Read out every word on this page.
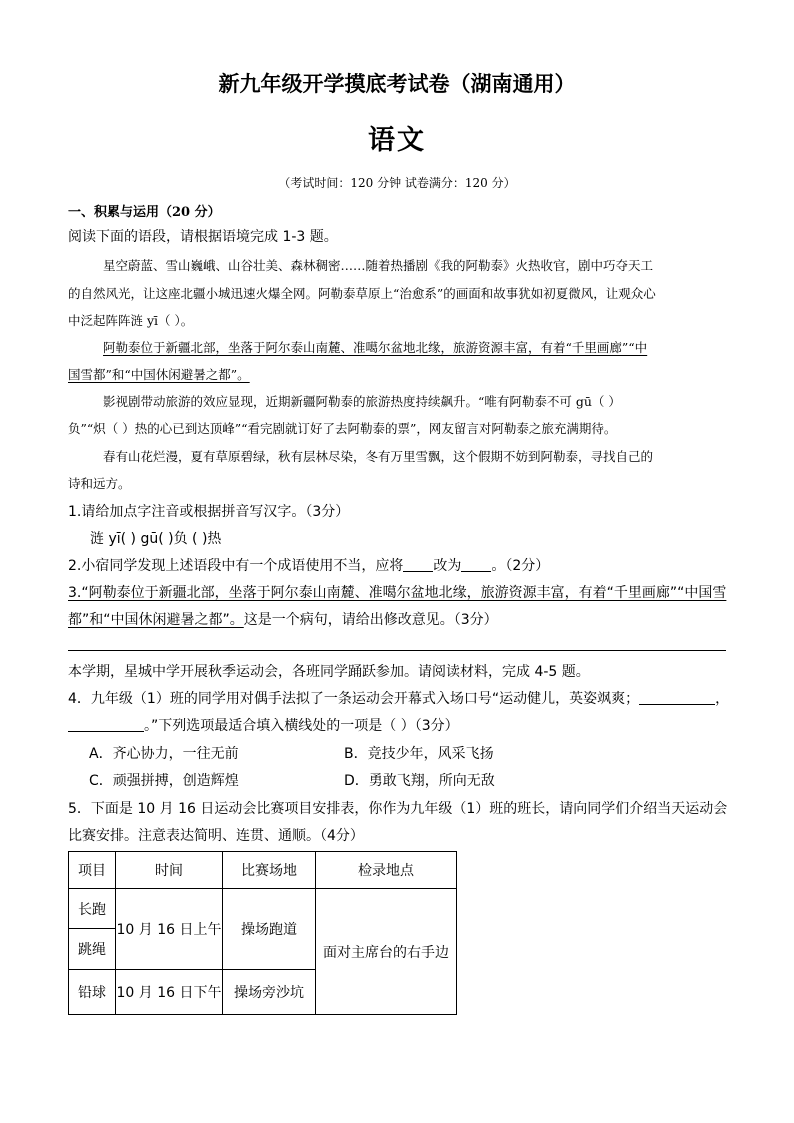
新九年级开学摸底考试卷（湖南通用）
语文
（考试时间：120 分钟 试卷满分：120 分）
一、积累与运用（20 分）
阅读下面的语段，请根据语境完成 1-3 题。
星空蔚蓝、雪山巍峨、山谷壮美、森林稠密……随着热播剧《我的阿勒泰》火热收官，剧中巧夺天工
的自然风光，让这座北疆小城迅速火爆全网。阿勒泰草原上“治愈系”的画面和故事犹如初夏微风，让观众心
中泛起阵阵涟 yī（ ）。
阿勒泰位于新疆北部，坐落于阿尔泰山南麓、准噶尔盆地北缘，旅游资源丰富，有着“千里画廊”“中
国雪都”和“中国休闲避暑之都”。
影视剧带动旅游的效应显现，近期新疆阿勒泰的旅游热度持续飙升。“唯有阿勒泰不可 gū（ ）
负”“炽（ ）热的心已到达顶峰”“看完剧就订好了去阿勒泰的票”，网友留言对阿勒泰之旅充满期待。
春有山花烂漫，夏有草原碧绿，秋有层林尽染，冬有万里雪飘，这个假期不妨到阿勒泰，寻找自己的
诗和远方。
1.请给加点字注音或根据拼音写汉字。（3分）
涟 yī( ) gū( )负 ( )热
2.小宿同学发现上述语段中有一个成语使用不当，应将 改为 。（2分）
3.“阿勒泰位于新疆北部，坐落于阿尔泰山南麓、准噶尔盆地北缘，旅游资源丰富，有着“千里画廊”“中国雪
都”和“中国休闲避暑之都”。这是一个病句，请给出修改意见。（3分）
本学期，星城中学开展秋季运动会，各班同学踊跃参加。请阅读材料，完成 4-5 题。
4．九年级（1）班的同学用对偶手法拟了一条运动会开幕式入场口号“运动健儿，英姿飒爽；	，
。”下列选项最适合填入横线处的一项是（ ）（3分）
A．齐心协力，一往无前	B．竞技少年，风采飞扬
C．顽强拼搏，创造辉煌	D．勇敢飞翔，所向无敌
5．下面是 10 月 16 日运动会比赛项目安排表，你作为九年级（1）班的班长，请向同学们介绍当天运动会
比赛安排。注意表达简明、连贯、通顺。（4分）
项目	时间	比赛场地	检录地点
长跑	10 月 16 日上午	操场跑道	面对主席台的右手边
跳绳			
铅球	10 月 16 日下午	操场旁沙坑	
